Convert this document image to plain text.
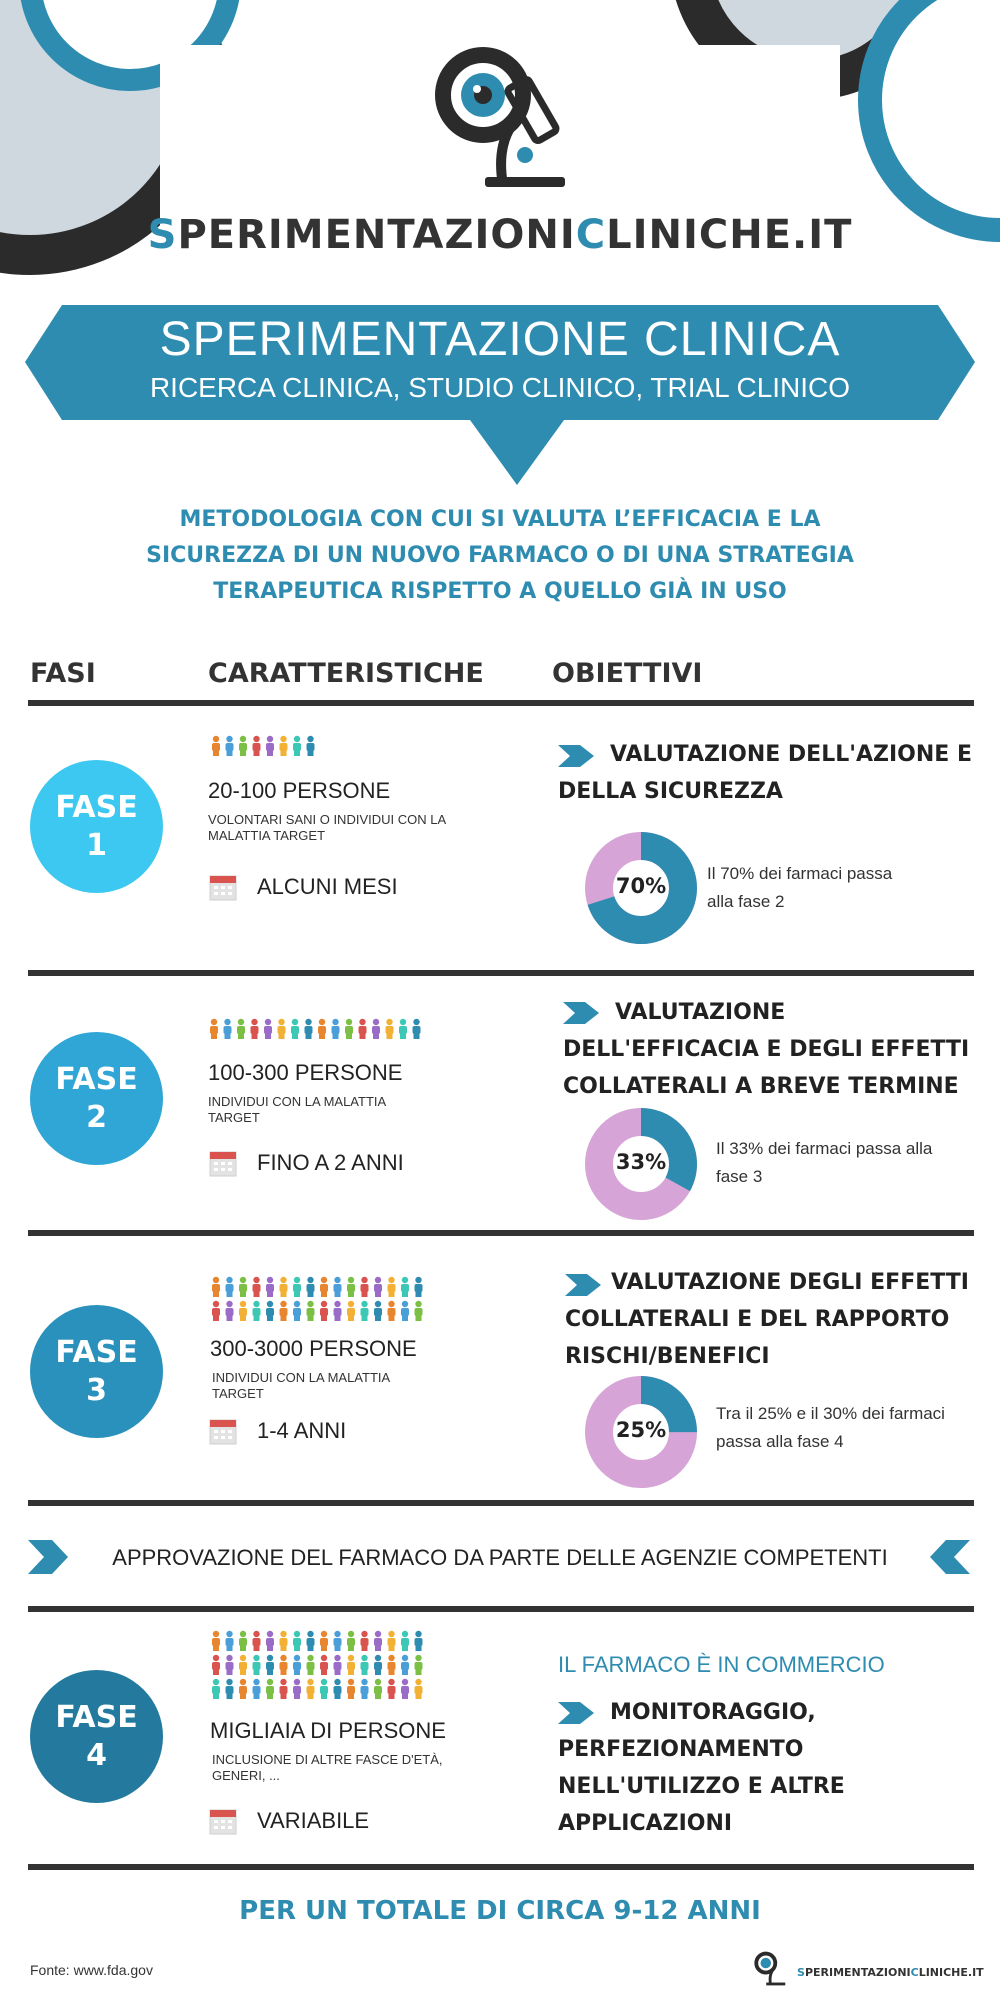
SPERIMENTAZIONICLINICHE.IT
SPERIMENTAZIONE CLINICA
RICERCA CLINICA, STUDIO CLINICO, TRIAL CLINICO
METODOLOGIA CON CUI SI VALUTA L’EFFICACIA E LA SICUREZZA DI UN NUOVO FARMACO O DI UNA STRATEGIA TERAPEUTICA RISPETTO A QUELLO GIÀ IN USO
FASI	CARATTERISTICHE	OBIETTIVI
FASE
1
20-100 PERSONE
VOLONTARI SANI O INDIVIDUI CON LA MALATTIA TARGET
ALCUNI MESI
VALUTAZIONE DELL'AZIONE E DELLA SICUREZZA
70%
Il 70% dei farmaci passa alla fase 2
FASE
2
100-300 PERSONE
INDIVIDUI CON LA MALATTIA TARGET
FINO A 2 ANNI
VALUTAZIONE DELL'EFFICACIA E DEGLI EFFETTI COLLATERALI A BREVE TERMINE
33%
Il 33% dei farmaci passa alla fase 3
FASE
3
300-3000 PERSONE
INDIVIDUI CON LA MALATTIA TARGET
1-4 ANNI
VALUTAZIONE DEGLI EFFETTI COLLATERALI E DEL RAPPORTO RISCHI/BENEFICI
25%
Tra il 25% e il 30% dei farmaci passa alla fase 4
APPROVAZIONE DEL FARMACO DA PARTE DELLE AGENZIE COMPETENTI
FASE
4
MIGLIAIA DI PERSONE
INCLUSIONE DI ALTRE FASCE D'ETÀ, GENERI, ...
VARIABILE
IL FARMACO È IN COMMERCIO
MONITORAGGIO, PERFEZIONAMENTO NELL'UTILIZZO E ALTRE APPLICAZIONI
PER UN TOTALE DI CIRCA 9-12 ANNI
Fonte: www.fda.gov	SPERIMENTAZIONICLINICHE.IT
